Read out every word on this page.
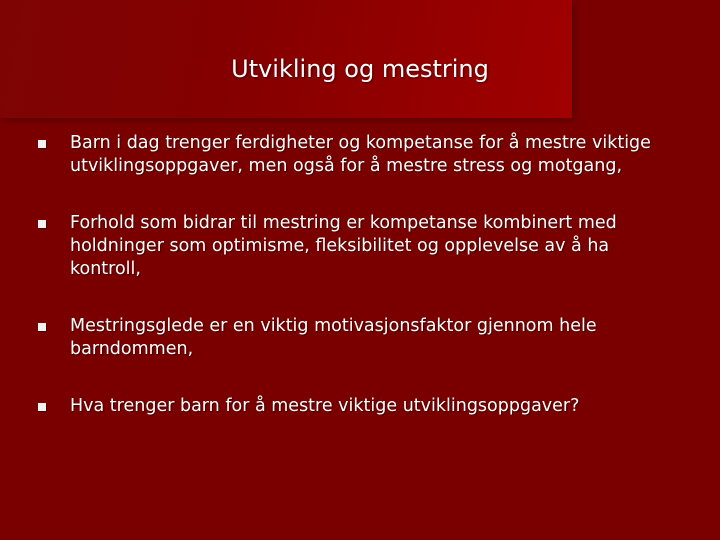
Utvikling og mestring
Barn i dag trenger ferdigheter og kompetanse for å mestre viktige utviklingsoppgaver, men også for å mestre stress og motgang,
Forhold som bidrar til mestring er kompetanse kombinert med holdninger som optimisme, fleksibilitet og opplevelse av å ha kontroll,
Mestringsglede er en viktig motivasjonsfaktor gjennom hele barndommen,
Hva trenger barn for å mestre viktige utviklingsoppgaver?
